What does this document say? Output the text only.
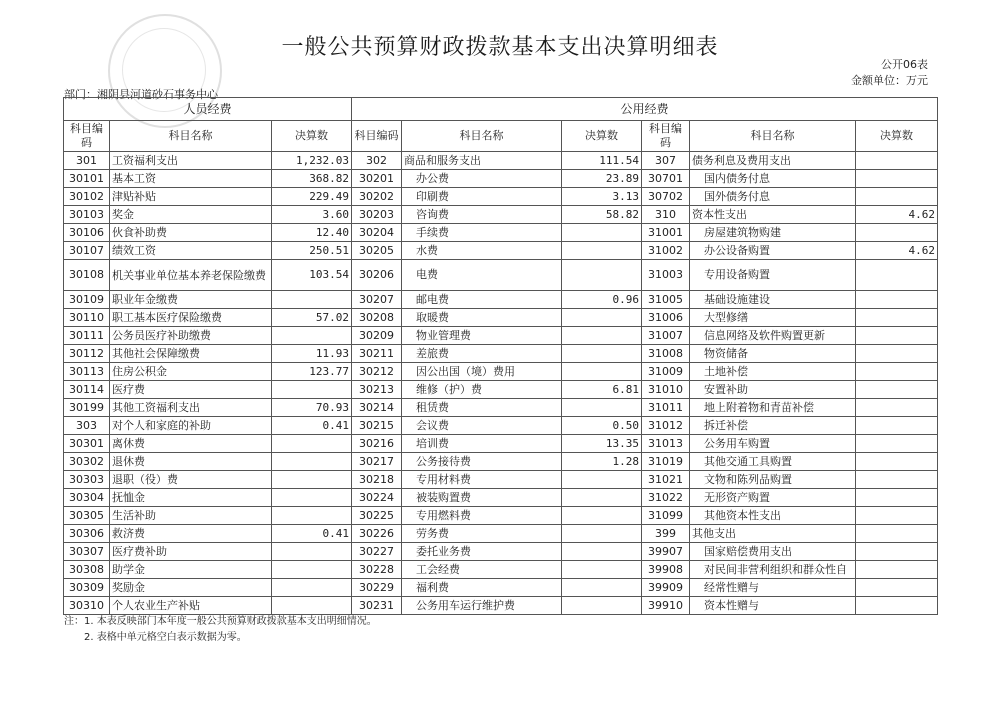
一般公共预算财政拨款基本支出决算明细表
公开06表
金额单位：万元
部门：湘阴县河道砂石事务中心
人员经费			公用经费					
科目编码	科目名称	决算数	科目编码	科目名称	决算数	科目编码	科目名称	决算数
301	工资福利支出	1,232.03	302	商品和服务支出	111.54	307	债务利息及费用支出	
30101	基本工资	368.82	30201	办公费	23.89	30701	国内债务付息	
30102	津贴补贴	229.49	30202	印刷费	3.13	30702	国外债务付息	
30103	奖金	3.60	30203	咨询费	58.82	310	资本性支出	4.62
30106	伙食补助费	12.40	30204	手续费		31001	房屋建筑物购建	
30107	绩效工资	250.51	30205	水费		31002	办公设备购置	4.62
30108	机关事业单位基本养老保险缴费	103.54	30206	电费		31003	专用设备购置	
30109	职业年金缴费		30207	邮电费	0.96	31005	基础设施建设	
30110	职工基本医疗保险缴费	57.02	30208	取暖费		31006	大型修缮	
30111	公务员医疗补助缴费		30209	物业管理费		31007	信息网络及软件购置更新	
30112	其他社会保障缴费	11.93	30211	差旅费		31008	物资储备	
30113	住房公积金	123.77	30212	因公出国（境）费用		31009	土地补偿	
30114	医疗费		30213	维修（护）费	6.81	31010	安置补助	
30199	其他工资福利支出	70.93	30214	租赁费		31011	地上附着物和青苗补偿	
303	对个人和家庭的补助	0.41	30215	会议费	0.50	31012	拆迁补偿	
30301	离休费		30216	培训费	13.35	31013	公务用车购置	
30302	退休费		30217	公务接待费	1.28	31019	其他交通工具购置	
30303	退职（役）费		30218	专用材料费		31021	文物和陈列品购置	
30304	抚恤金		30224	被装购置费		31022	无形资产购置	
30305	生活补助		30225	专用燃料费		31099	其他资本性支出	
30306	救济费	0.41	30226	劳务费		399	其他支出	
30307	医疗费补助		30227	委托业务费		39907	国家赔偿费用支出	
30308	助学金		30228	工会经费		39908	对民间非营利组织和群众性自	
30309	奖励金		30229	福利费		39909	经常性赠与	
30310	个人农业生产补贴		30231	公务用车运行维护费		39910	资本性赠与	
注：1. 本表反映部门本年度一般公共预算财政拨款基本支出明细情况。
2. 表格中单元格空白表示数据为零。
